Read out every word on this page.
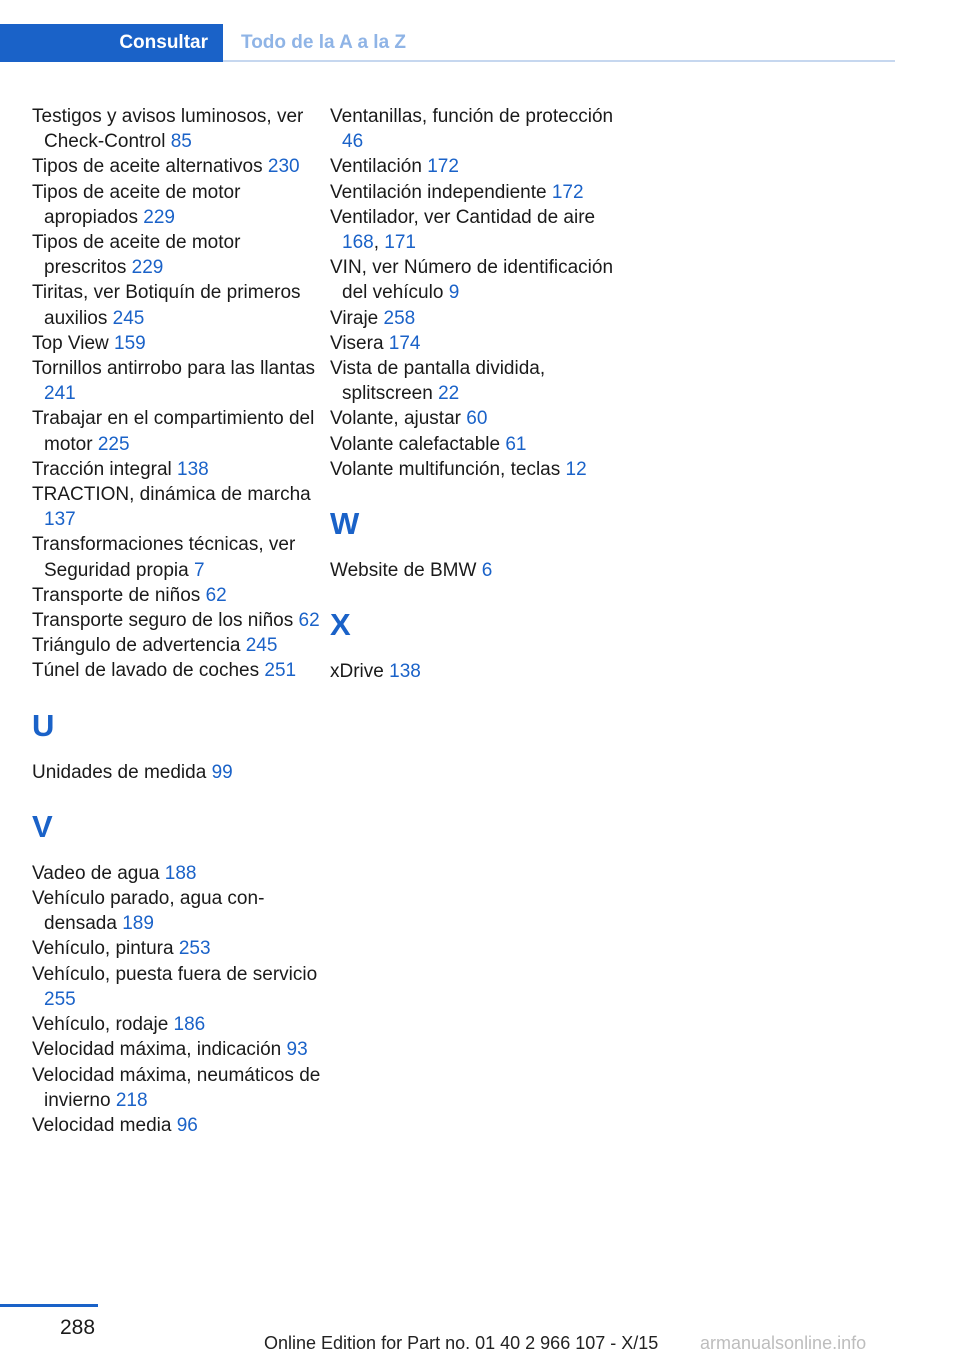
Consultar Todo de la A a la Z
Testigos y avisos luminosos, ver Check-Control 85
Tipos de aceite alternativos 230
Tipos de aceite de motor apropiados 229
Tipos de aceite de motor prescritos 229
Tiritas, ver Botiquín de primeros auxilios 245
Top View 159
Tornillos antirrobo para las llantas 241
Trabajar en el compartimiento del motor 225
Tracción integral 138
TRACTION, dinámica de marcha 137
Transformaciones técnicas, ver Seguridad propia 7
Transporte de niños 62
Transporte seguro de los niños 62
Triángulo de advertencia 245
Túnel de lavado de coches 251
U
Unidades de medida 99
V
Vadeo de agua 188
Vehículo parado, agua condensada 189
Vehículo, pintura 253
Vehículo, puesta fuera de servicio 255
Vehículo, rodaje 186
Velocidad máxima, indicación 93
Velocidad máxima, neumáticos de invierno 218
Velocidad media 96
Ventanillas, función de protección 46
Ventilación 172
Ventilación independiente 172
Ventilador, ver Cantidad de aire 168, 171
VIN, ver Número de identificación del vehículo 9
Viraje 258
Visera 174
Vista de pantalla dividida, splitscreen 22
Volante, ajustar 60
Volante calefactable 61
Volante multifunción, teclas 12
W
Website de BMW 6
X
xDrive 138
288
Online Edition for Part no. 01 40 2 966 107 - X/15 armanualsonline.info
